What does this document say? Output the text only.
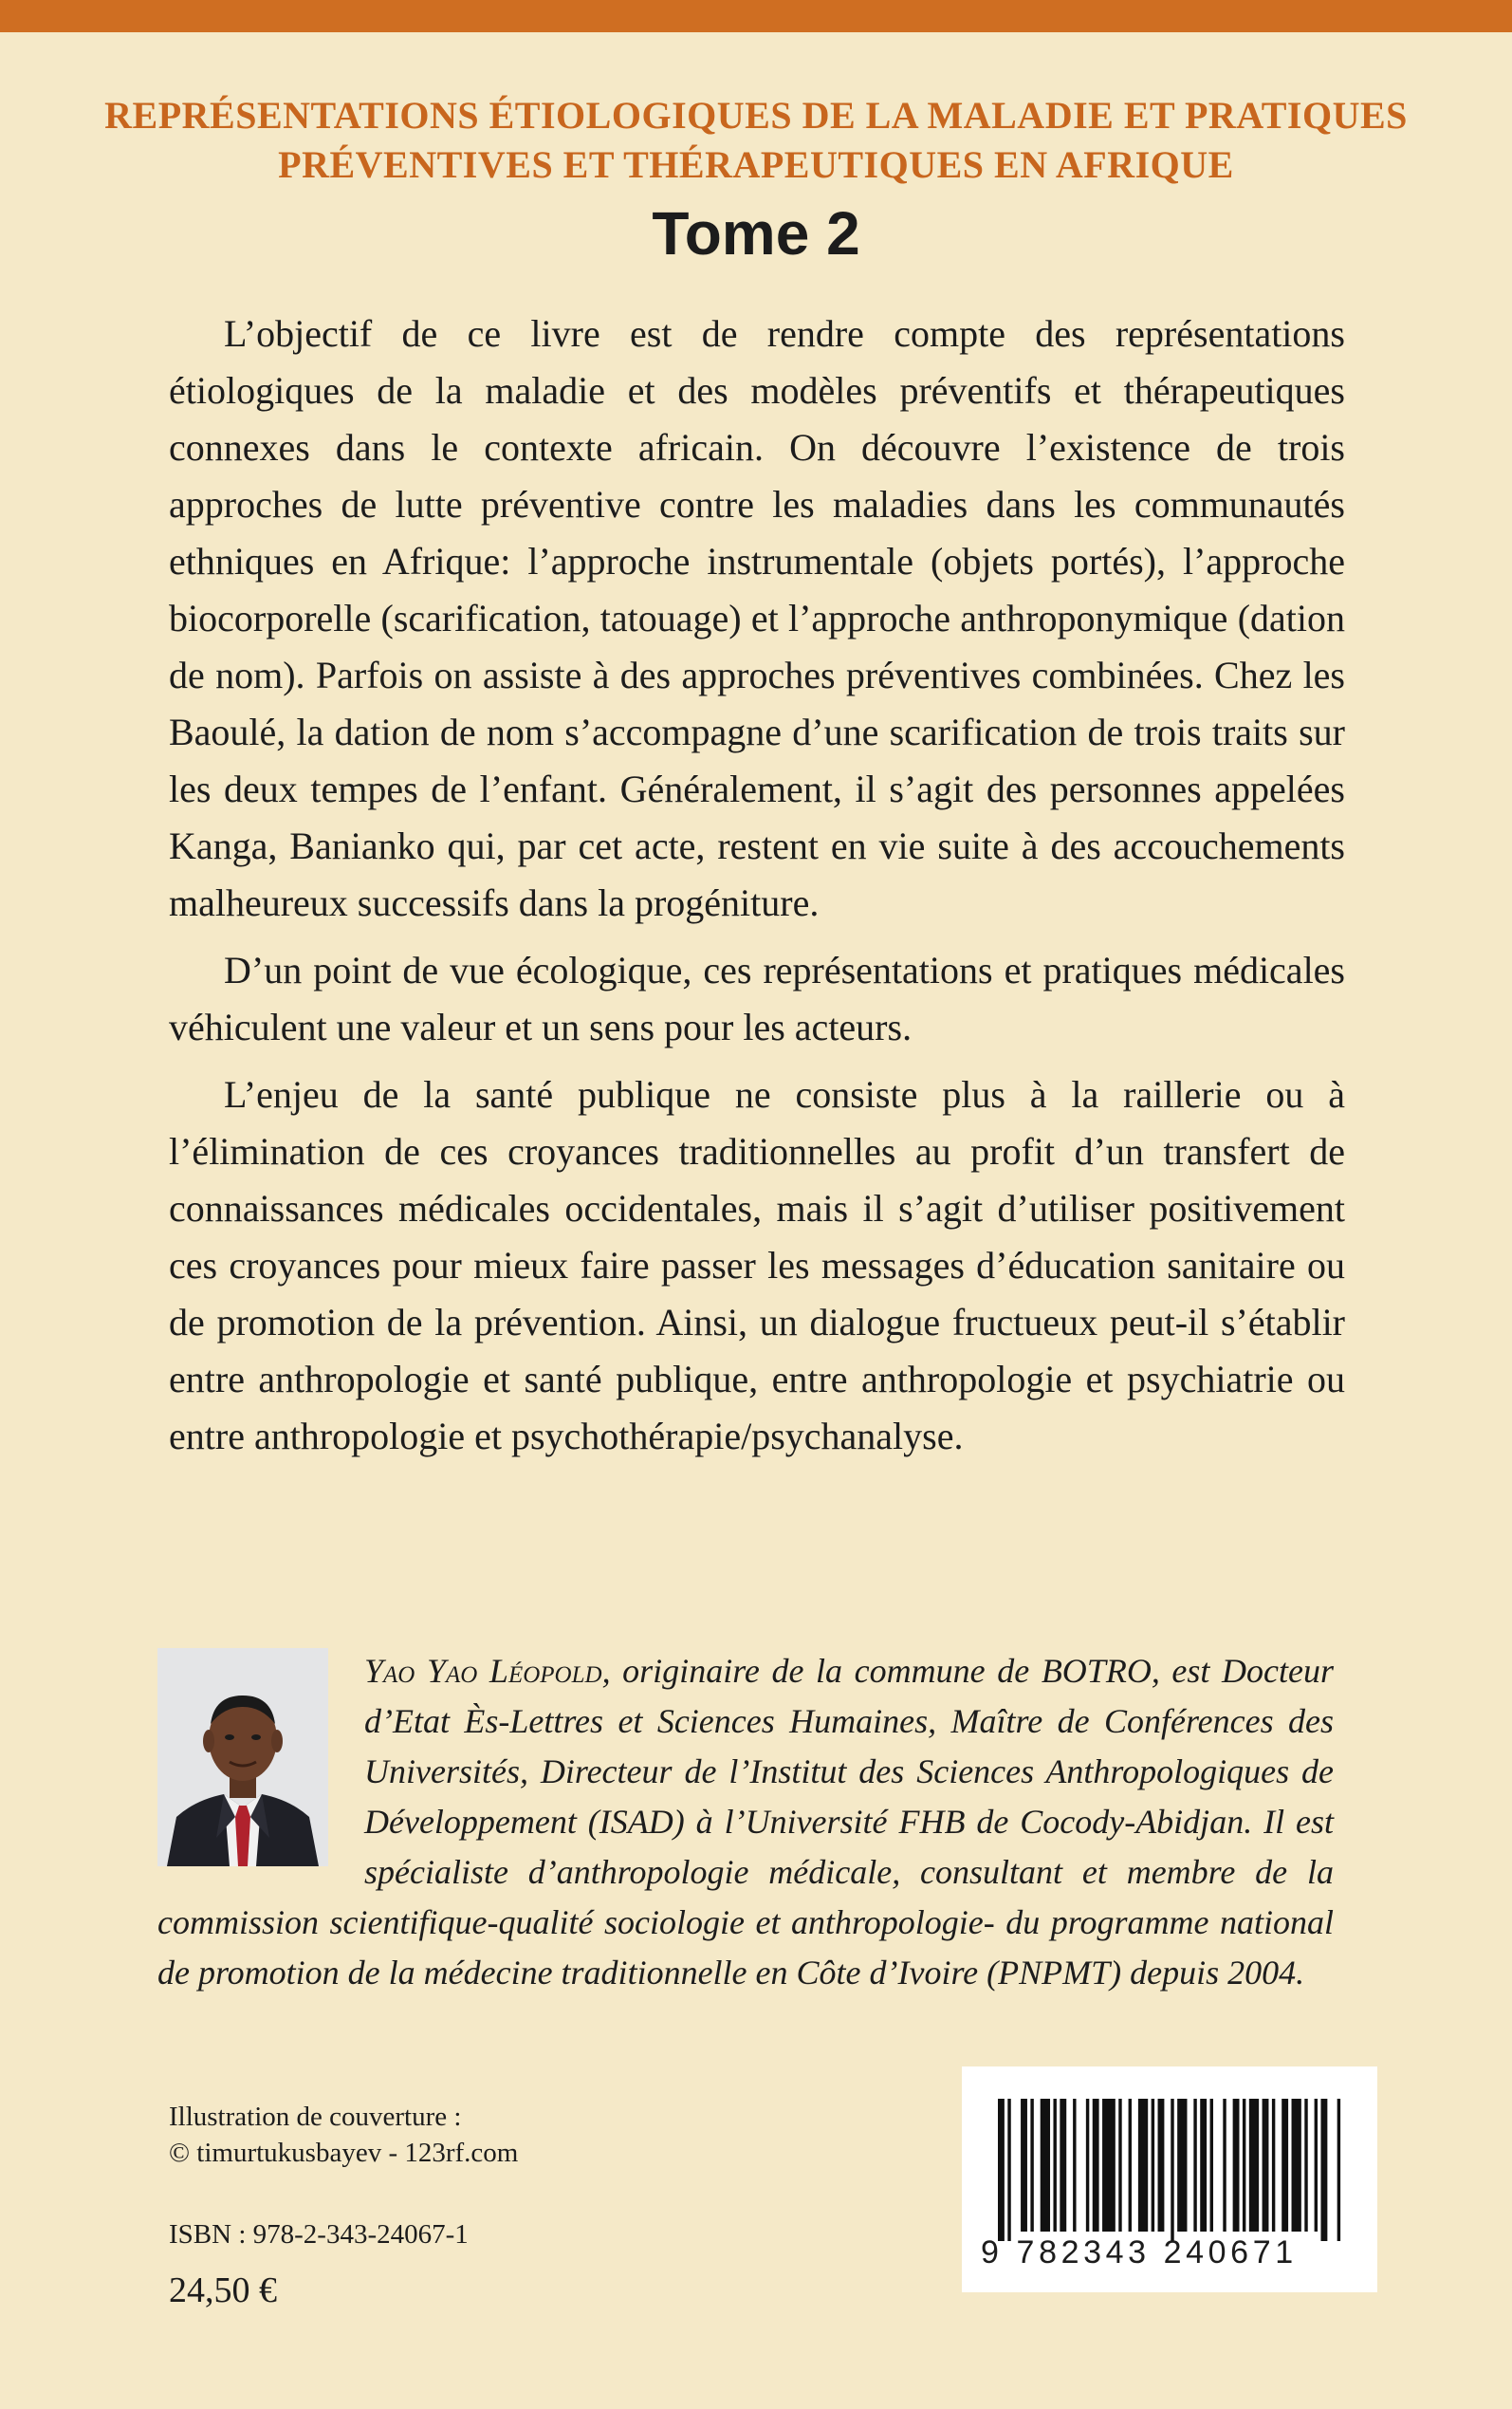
REPRÉSENTATIONS ÉTIOLOGIQUES DE LA MALADIE ET PRATIQUES
PRÉVENTIVES ET THÉRAPEUTIQUES EN AFRIQUE
Tome 2

L’objectif de ce livre est de rendre compte des représentations étiologiques de la maladie et des modèles préventifs et thérapeutiques connexes dans le contexte africain. On découvre l’existence de trois approches de lutte préventive contre les maladies dans les communautés ethniques en Afrique: l’approche instrumentale (objets portés), l’approche biocorporelle (scarification, tatouage) et l’approche anthroponymique (dation de nom). Parfois on assiste à des approches préventives combinées. Chez les Baoulé, la dation de nom s’accompagne d’une scarification de trois traits sur les deux tempes de l’enfant. Généralement, il s’agit des personnes appelées Kanga, Banianko qui, par cet acte, restent en vie suite à des accouchements malheureux successifs dans la progéniture.

D’un point de vue écologique, ces représentations et pratiques médicales véhiculent une valeur et un sens pour les acteurs.

L’enjeu de la santé publique ne consiste plus à la raillerie ou à l’élimination de ces croyances traditionnelles au profit d’un transfert de connaissances médicales occidentales, mais il s’agit d’utiliser positivement ces croyances pour mieux faire passer les messages d’éducation sanitaire ou de promotion de la prévention. Ainsi, un dialogue fructueux peut-il s’établir entre anthropologie et santé publique, entre anthropologie et psychiatrie ou entre anthropologie et psychothérapie/psychanalyse.

Yao Yao Léopold, originaire de la commune de BOTRO, est Docteur d’Etat Ès-Lettres et Sciences Humaines, Maître de Conférences des Universités, Directeur de l’Institut des Sciences Anthropologiques de Développement (ISAD) à l’Université FHB de Cocody-Abidjan. Il est spécialiste d’anthropologie médicale, consultant et membre de la commission scientifique-qualité sociologie et anthropologie- du programme national de promotion de la médecine traditionnelle en Côte d’Ivoire (PNPMT) depuis 2004.
Illustration de couverture :
© timurtukusbayev - 123rf.com
ISBN : 978-2-343-24067-1
24,50 €
9 782343 240671
